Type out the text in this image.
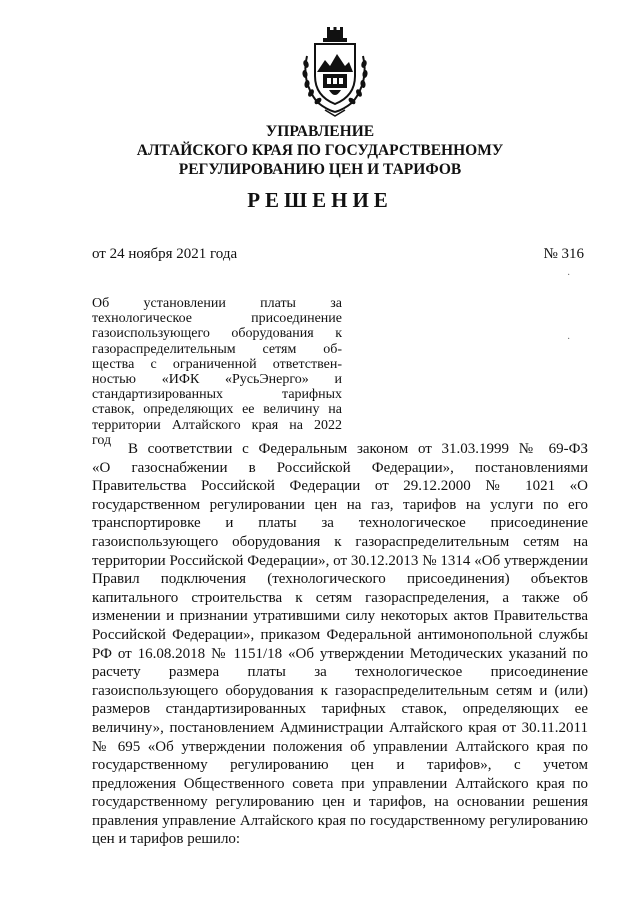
УПРАВЛЕНИЕ
АЛТАЙСКОГО КРАЯ ПО ГОСУДАРСТВЕННОМУ
РЕГУЛИРОВАНИЮ ЦЕН И ТАРИФОВ
РЕШЕНИЕ
от 24 ноября 2021 года	№ 316
·
·
Об установлении платы за
технологическое присоединение
газоиспользующего оборудования к
газораспределительным сетям об-
щества с ограниченной ответствен-
ностью «ИФК «РусьЭнерго» и
стандартизированных тарифных
ставок, определяющих ее величину на
территории Алтайского края на 2022
год
В соответствии с Федеральным законом от 31.03.1999 № 69-ФЗ
«О газоснабжении в Российской Федерации», постановлениями
Правительства Российской Федерации от 29.12.2000 № 1021 «О
государственном регулировании цен на газ, тарифов на услуги по его
транспортировке и платы за технологическое присоединение
газоиспользующего оборудования к газораспределительным сетям на
территории Российской Федерации», от 30.12.2013 № 1314 «Об утверждении
Правил подключения (технологического присоединения) объектов
капитального строительства к сетям газораспределения, а также об
изменении и признании утратившими силу некоторых актов Правительства
Российской Федерации», приказом Федеральной антимонопольной службы
РФ от 16.08.2018 № 1151/18 «Об утверждении Методических указаний по
расчету размера платы за технологическое присоединение
газоиспользующего оборудования к газораспределительным сетям и (или)
размеров стандартизированных тарифных ставок, определяющих ее
величину», постановлением Администрации Алтайского края от 30.11.2011
№ 695 «Об утверждении положения об управлении Алтайского края по
государственному регулированию цен и тарифов», с учетом
предложения Общественного совета при управлении Алтайского края по
государственному регулированию цен и тарифов, на основании решения
правления управление Алтайского края по государственному регулированию
цен и тарифов решило:
